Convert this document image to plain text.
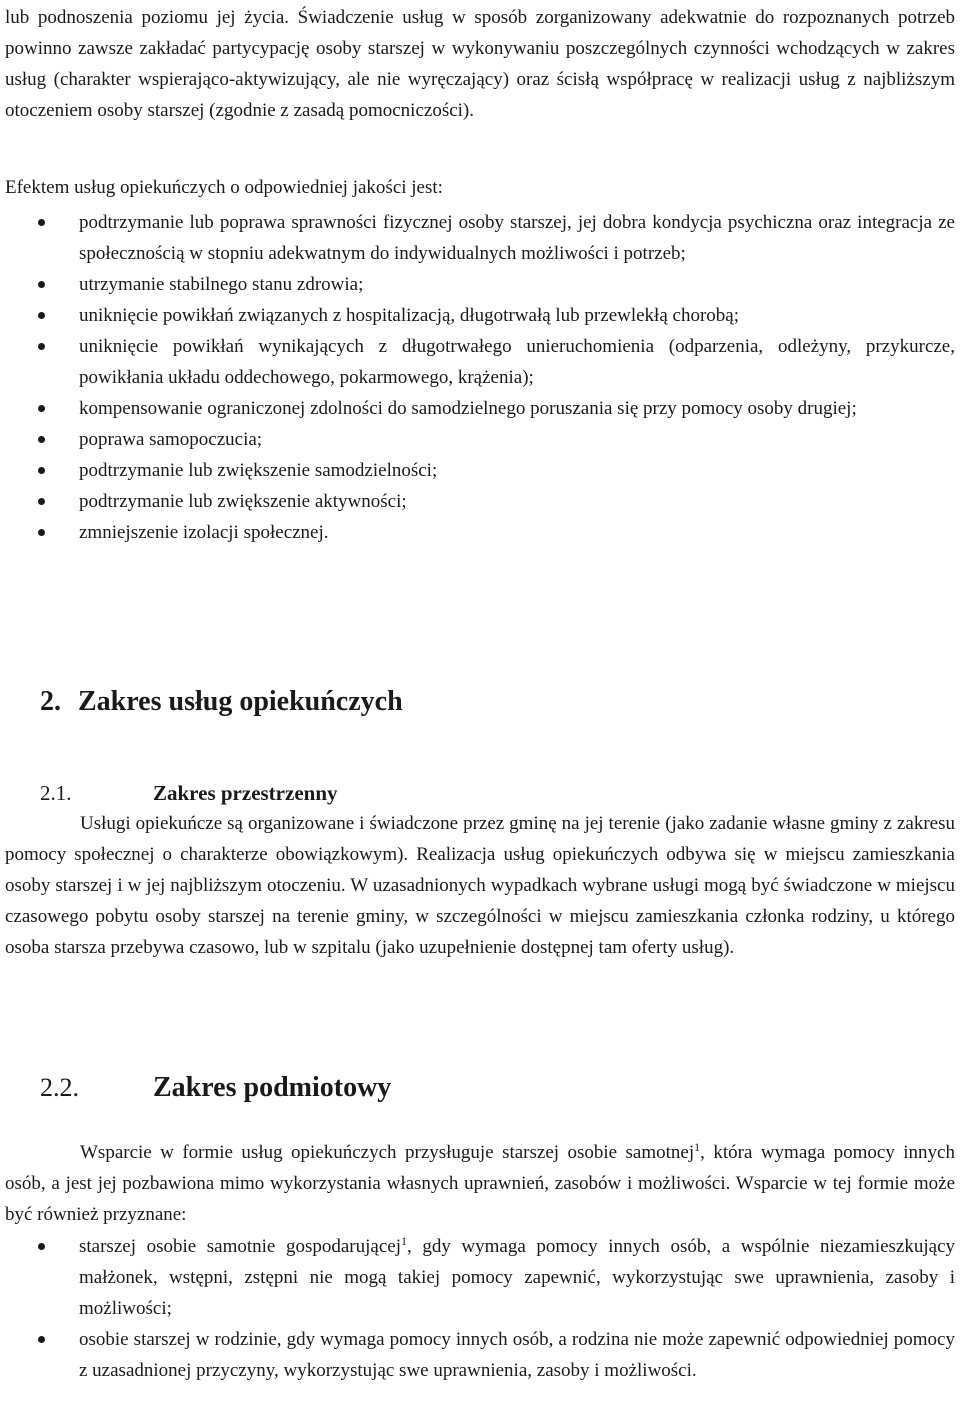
lub podnoszenia poziomu jej życia. Świadczenie usług w sposób zorganizowany adekwatnie do rozpoznanych potrzeb powinno zawsze zakładać partycypację osoby starszej w wykonywaniu poszczególnych czynności wchodzących w zakres usług (charakter wspierająco-aktywizujący, ale nie wyręczający) oraz ścisłą współpracę w realizacji usług z najbliższym otoczeniem osoby starszej (zgodnie z zasadą pomocniczości).

Efektem usług opiekuńczych o odpowiedniej jakości jest:

podtrzymanie lub poprawa sprawności fizycznej osoby starszej, jej dobra kondycja psychiczna oraz integracja ze społecznością w stopniu adekwatnym do indywidualnych możliwości i potrzeb;
utrzymanie stabilnego stanu zdrowia;
uniknięcie powikłań związanych z hospitalizacją, długotrwałą lub przewlekłą chorobą;
uniknięcie powikłań wynikających z długotrwałego unieruchomienia (odparzenia, odleżyny, przykurcze, powikłania układu oddechowego, pokarmowego, krążenia);
kompensowanie ograniczonej zdolności do samodzielnego poruszania się przy pomocy osoby drugiej;
poprawa samopoczucia;
podtrzymanie lub zwiększenie samodzielności;
podtrzymanie lub zwiększenie aktywności;
zmniejszenie izolacji społecznej.
2. Zakres usług opiekuńczych
2.1.	Zakres przestrzenny

Usługi opiekuńcze są organizowane i świadczone przez gminę na jej terenie (jako zadanie własne gminy z zakresu pomocy społecznej o charakterze obowiązkowym). Realizacja usług opiekuńczych odbywa się w miejscu zamieszkania osoby starszej i w jej najbliższym otoczeniu. W uzasadnionych wypadkach wybrane usługi mogą być świadczone w miejscu czasowego pobytu osoby starszej na terenie gminy, w szczególności w miejscu zamieszkania członka rodziny, u którego osoba starsza przebywa czasowo, lub w szpitalu (jako uzupełnienie dostępnej tam oferty usług).

2.2.	Zakres podmiotowy

Wsparcie w formie usług opiekuńczych przysługuje starszej osobie samotnej$^1$, która wymaga pomocy innych osób, a jest jej pozbawiona mimo wykorzystania własnych uprawnień, zasobów i możliwości. Wsparcie w tej formie może być również przyznane:

starszej osobie samotnie gospodarującej$^1$, gdy wymaga pomocy innych osób, a wspólnie niezamieszkujący małżonek, wstępni, zstępni nie mogą takiej pomocy zapewnić, wykorzystując swe uprawnienia, zasoby i możliwości;
osobie starszej w rodzinie, gdy wymaga pomocy innych osób, a rodzina nie może zapewnić odpowiedniej pomocy z uzasadnionej przyczyny, wykorzystując swe uprawnienia, zasoby i możliwości.
